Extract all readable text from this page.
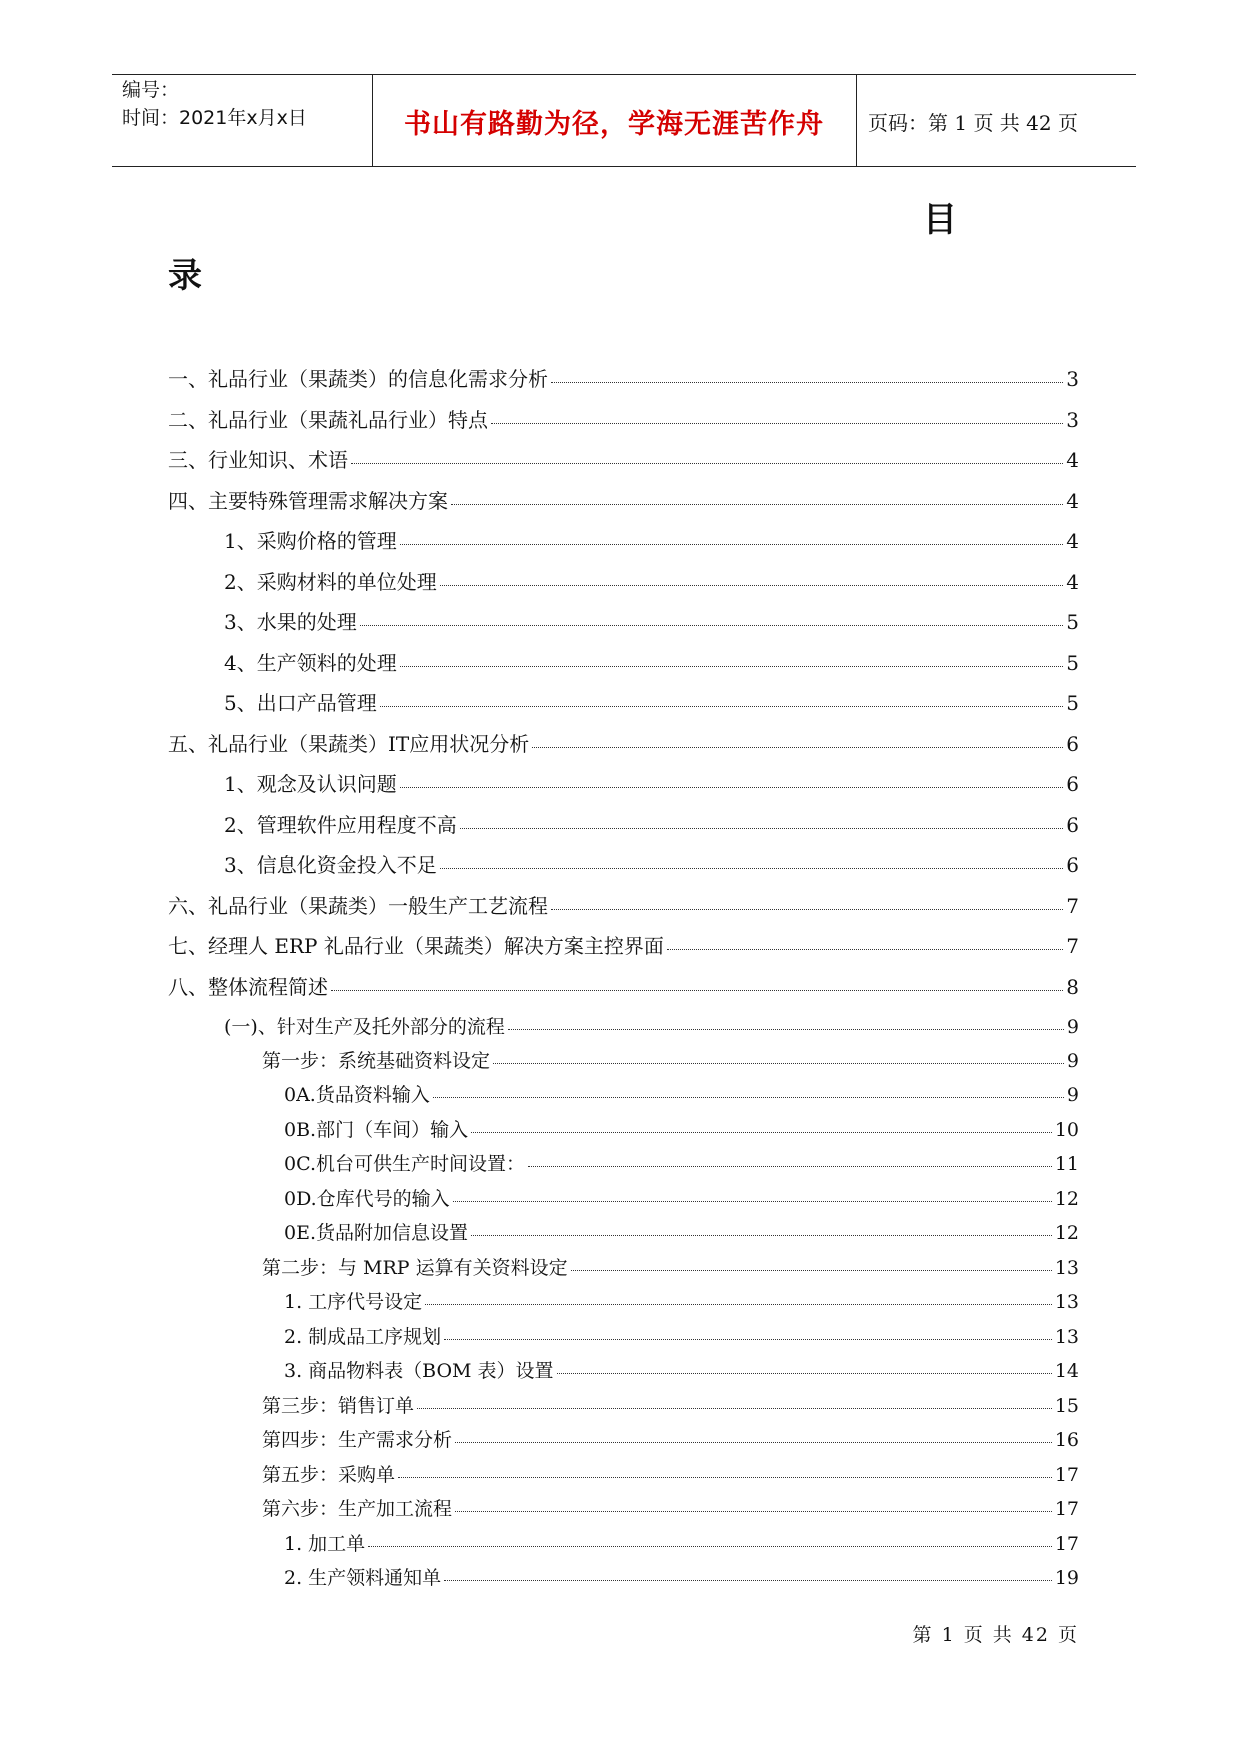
编号：
时间：2021年x月x日	书山有路勤为径，学海无涯苦作舟	页码：第 1 页 共 42 页
目
录
一、礼品行业（果蔬类）的信息化需求分析	3
二、礼品行业（果蔬礼品行业）特点	3
三、行业知识、术语	4
四、主要特殊管理需求解决方案	4
1、采购价格的管理	4
2、采购材料的单位处理	4
3、水果的处理	5
4、生产领料的处理	5
5、出口产品管理	5
五、礼品行业（果蔬类）IT应用状况分析	6
1、观念及认识问题	6
2、管理软件应用程度不高	6
3、信息化资金投入不足	6
六、礼品行业（果蔬类）一般生产工艺流程	7
七、经理人 ERP 礼品行业（果蔬类）解决方案主控界面	7
八、整体流程简述	8
(一)、针对生产及托外部分的流程	9
第一步：系统基础资料设定	9
0A.货品资料输入	9
0B.部门（车间）输入	10
0C.机台可供生产时间设置：	11
0D.仓库代号的输入	12
0E.货品附加信息设置	12
第二步：与 MRP 运算有关资料设定	13
1. 工序代号设定	13
2. 制成品工序规划	13
3. 商品物料表（BOM 表）设置	14
第三步：销售订单	15
第四步：生产需求分析	16
第五步：采购单	17
第六步：生产加工流程	17
1. 加工单	17
2. 生产领料通知单	19
第 1 页 共 42 页
